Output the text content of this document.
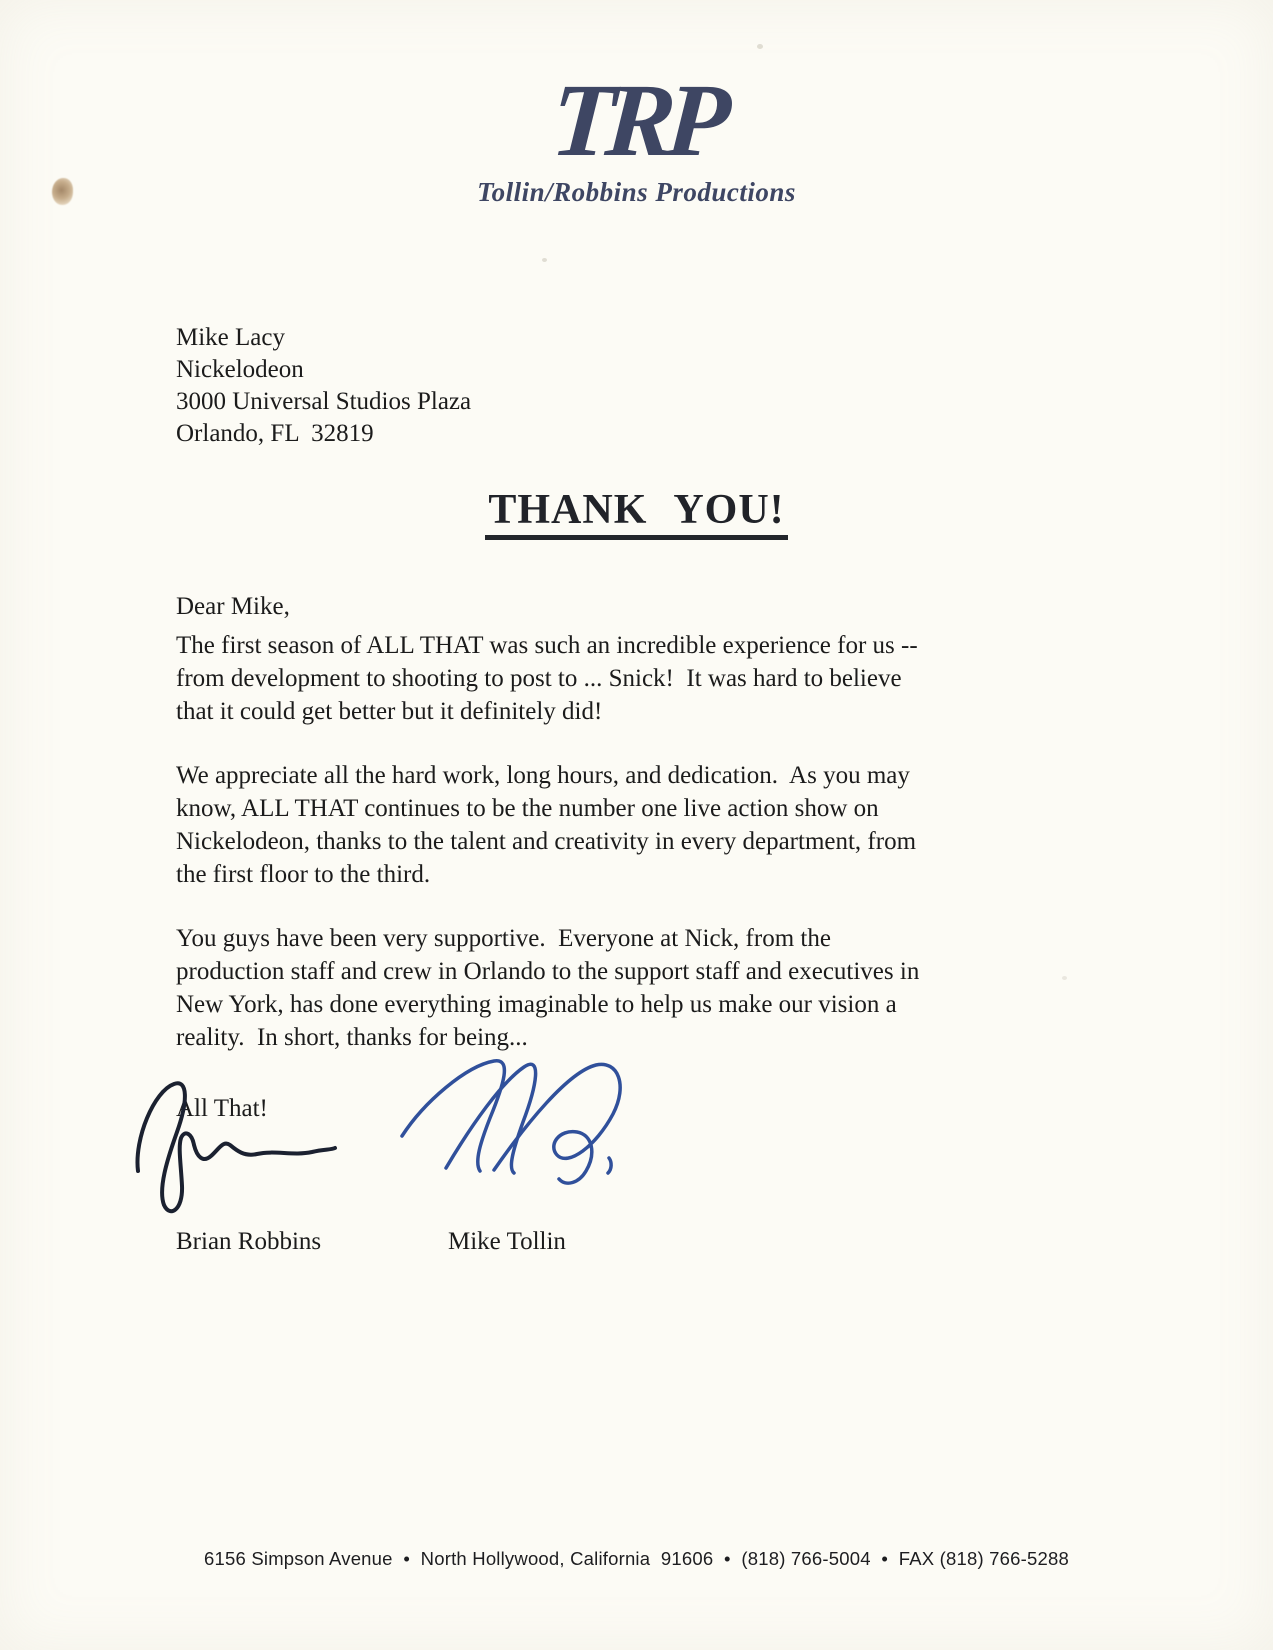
TRP
Tollin/Robbins Productions
Mike Lacy
Nickelodeon
3000 Universal Studios Plaza
Orlando, FL  32819
THANK YOU!

Dear Mike,

The first season of ALL THAT was such an incredible experience for us --
from development to shooting to post to ... Snick!  It was hard to believe
that it could get better but it definitely did!
We appreciate all the hard work, long hours, and dedication.  As you may
know, ALL THAT continues to be the number one live action show on
Nickelodeon, thanks to the talent and creativity in every department, from
the first floor to the third.
You guys have been very supportive.  Everyone at Nick, from the
production staff and crew in Orlando to the support staff and executives in
New York, has done everything imaginable to help us make our vision a
reality.  In short, thanks for being...

All That!

Brian Robbins	Mike Tollin
6156 Simpson Avenue  •  North Hollywood, California  91606  •  (818) 766-5004  •  FAX (818) 766-5288
